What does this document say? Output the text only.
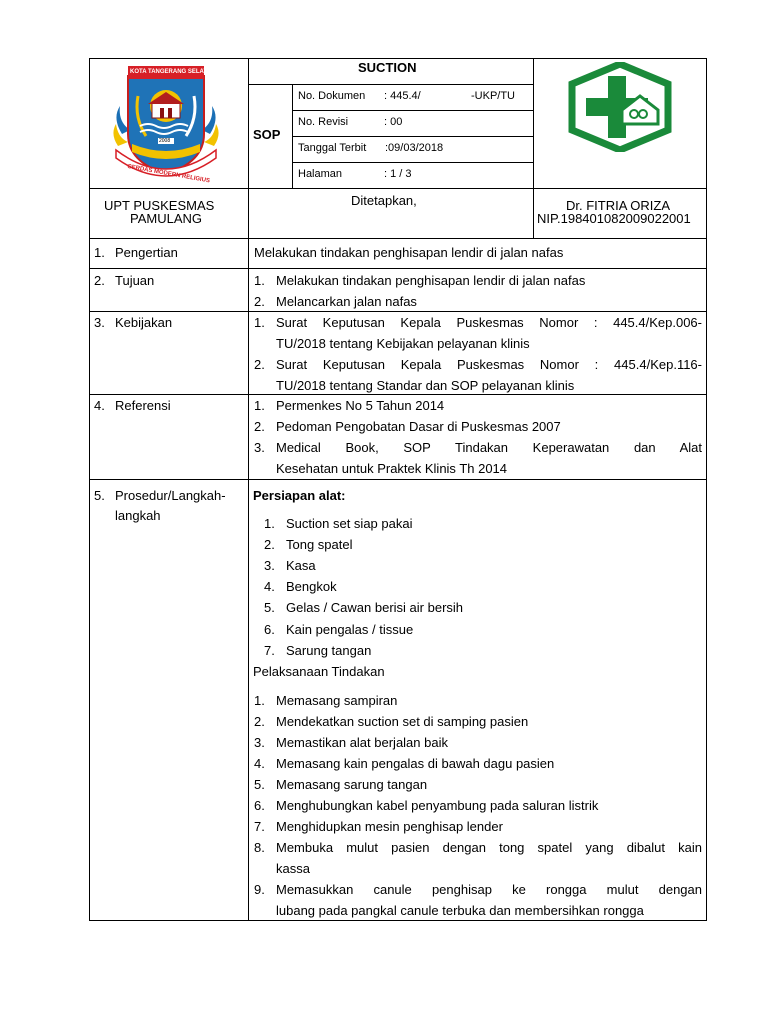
KOTA TANGERANG SELATAN
2008
CERDAS MODERN RELIGIUS
SUCTION
SOP
No. Dokumen : 445.4/	-UKP/TU
No. Revisi	: 00
Tanggal Terbit :09/03/2018
Halaman	: 1 / 3
UPT PUSKESMAS
PAMULANG
Ditetapkan,	Dr. FITRIA ORIZA
NIP.198401082009022001
1. Pengertian	Melakukan tindakan penghisapan lendir di jalan nafas
2. Tujuan	1. Melakukan tindakan penghisapan lendir di jalan nafas
2. Melancarkan jalan nafas
3. Kebijakan	1. Surat Keputusan Kepala Puskesmas Nomor : 445.4/Kep.006-
TU/2018 tentang Kebijakan pelayanan klinis
2. Surat Keputusan Kepala Puskesmas Nomor : 445.4/Kep.116-
TU/2018 tentang Standar dan SOP pelayanan klinis
4. Referensi	1. Permenkes No 5 Tahun 2014
2. Pedoman Pengobatan Dasar di Puskesmas 2007
3. Medical Book, SOP Tindakan Keperawatan dan Alat
Kesehatan untuk Praktek Klinis Th 2014
5. Prosedur/Langkah-
langkah
Persiapan alat:
1. Suction set siap pakai
2. Tong spatel
3. Kasa
4. Bengkok
5. Gelas / Cawan berisi air bersih
6. Kain pengalas / tissue
7. Sarung tangan
Pelaksanaan Tindakan
1. Memasang sampiran
2. Mendekatkan suction set di samping pasien
3. Memastikan alat berjalan baik
4. Memasang kain pengalas di bawah dagu pasien
5. Memasang sarung tangan
6. Menghubungkan kabel penyambung pada saluran listrik
7. Menghidupkan mesin penghisap lender
8. Membuka mulut pasien dengan tong spatel yang dibalut kain
kassa
9. Memasukkan canule penghisap ke rongga mulut dengan
lubang pada pangkal canule terbuka dan membersihkan rongga
